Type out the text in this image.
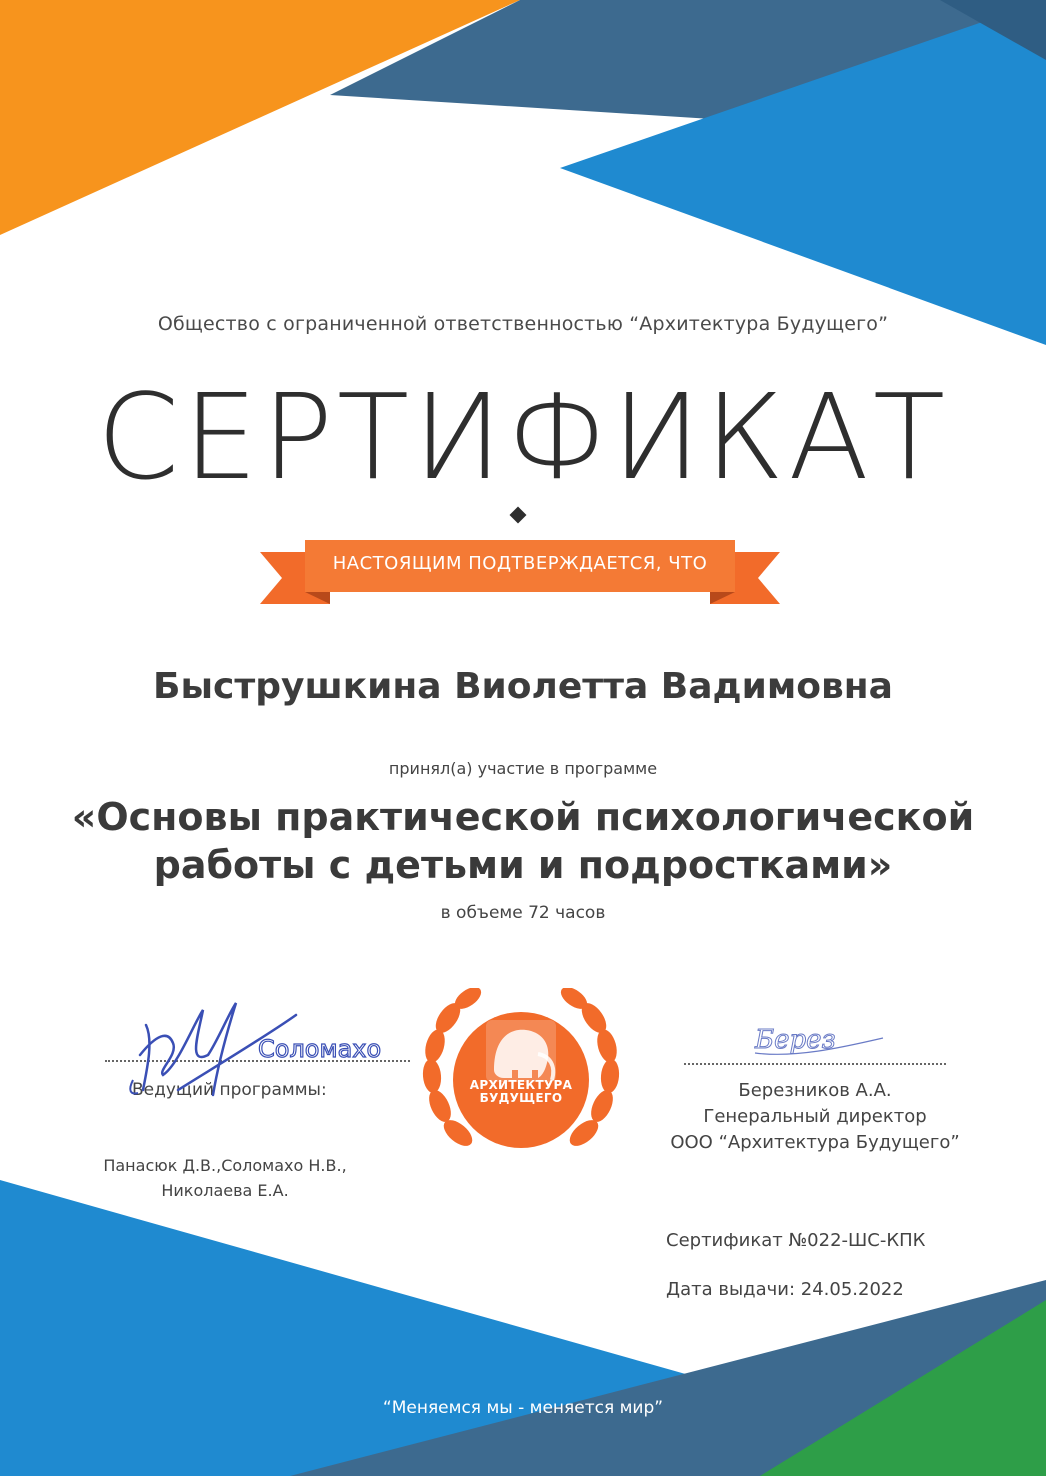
Общество с ограниченной ответственностью “Архитектура Будущего”
СЕРТИФИКАТ
НАСТОЯЩИМ ПОДТВЕРЖДАЕТСЯ, ЧТО
Быструшкина Виолетта Вадимовна
принял(а) участие в программе
«Основы практической психологической
работы с детьми и подростками»
в объеме 72 часов
Соломахо
Ведущий программы:
Панасюк Д.В.,Соломахо Н.В.,
Николаева Е.А.
АРХИТЕКТУРА
БУДУЩЕГО
Берез
Березников А.А.
Генеральный директор
ООО “Архитектура Будущего”
Сертификат №022-ШС-КПК
Дата выдачи: 24.05.2022
“Меняемся мы - меняется мир”
